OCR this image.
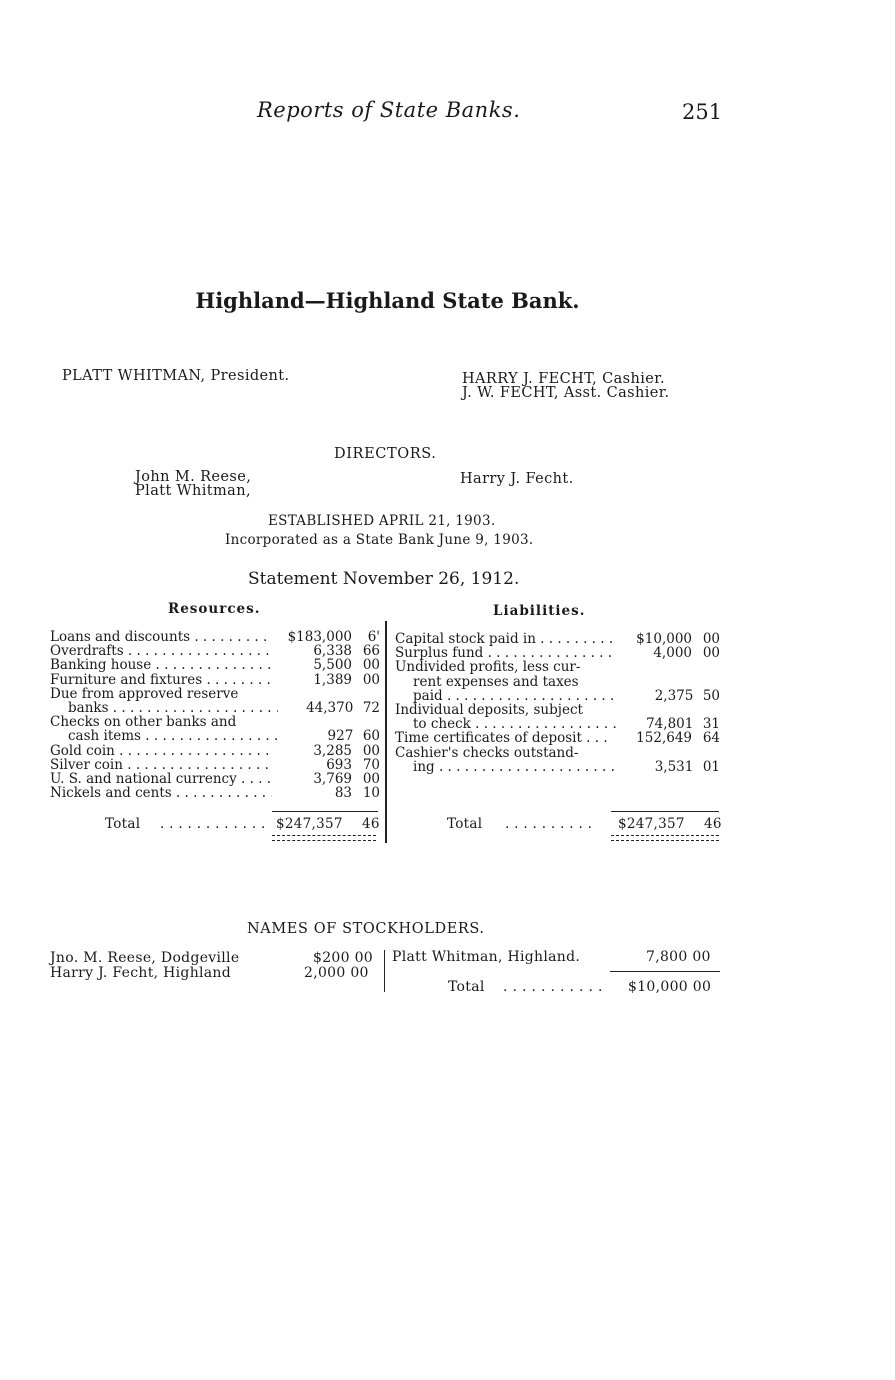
Reports of State Banks.	251
Highland—Highland State Bank.
PLATT WHITMAN, President.	HARRY J. FECHT, Cashier.
J. W. FECHT, Asst. Cashier.
DIRECTORS.
John M. Reese,
Platt Whitman,
Harry J. Fecht.
ESTABLISHED APRIL 21, 1903.
Incorporated as a State Bank June 9, 1903.
Statement November 26, 1912.
Resources.	Liabilities.
Loans and discounts . . .	$183,000	6'
Overdrafts . . .	6,338 66
Banking house . . .	5,500 00
Furniture and fixtures . . .	1,389 00
Due from approved reserve
banks . . .	44,370 72
Checks on other banks and
cash items . . .	927 60
Gold coin . . .	3,285 00
Silver coin . . .	693 70
U. S. and national currency . . .	3,769 00
Nickels and cents . . .	83 10
Capital stock paid in . . .	$10,000 00
Surplus fund . . .	4,000 00
Undivided profits, less cur-
rent expenses and taxes
paid . . .	2,375 50
Individual deposits, subject
to check . . .	74,801 31
Time certificates of deposit . . .	152,649 64
Cashier's checks outstand-
ing . . .	3,531 01
Total . . . . . . . . . . . . $247,357 46	Total . . . . . . . . . . $247,357 46
NAMES OF STOCKHOLDERS.
Jno. M. Reese, Dodgeville	$200 00
Harry J. Fecht, Highland	2,000 00
Platt Whitman, Highland.	7,800 00
Total . . . . . . . . . . . $10,000 00
